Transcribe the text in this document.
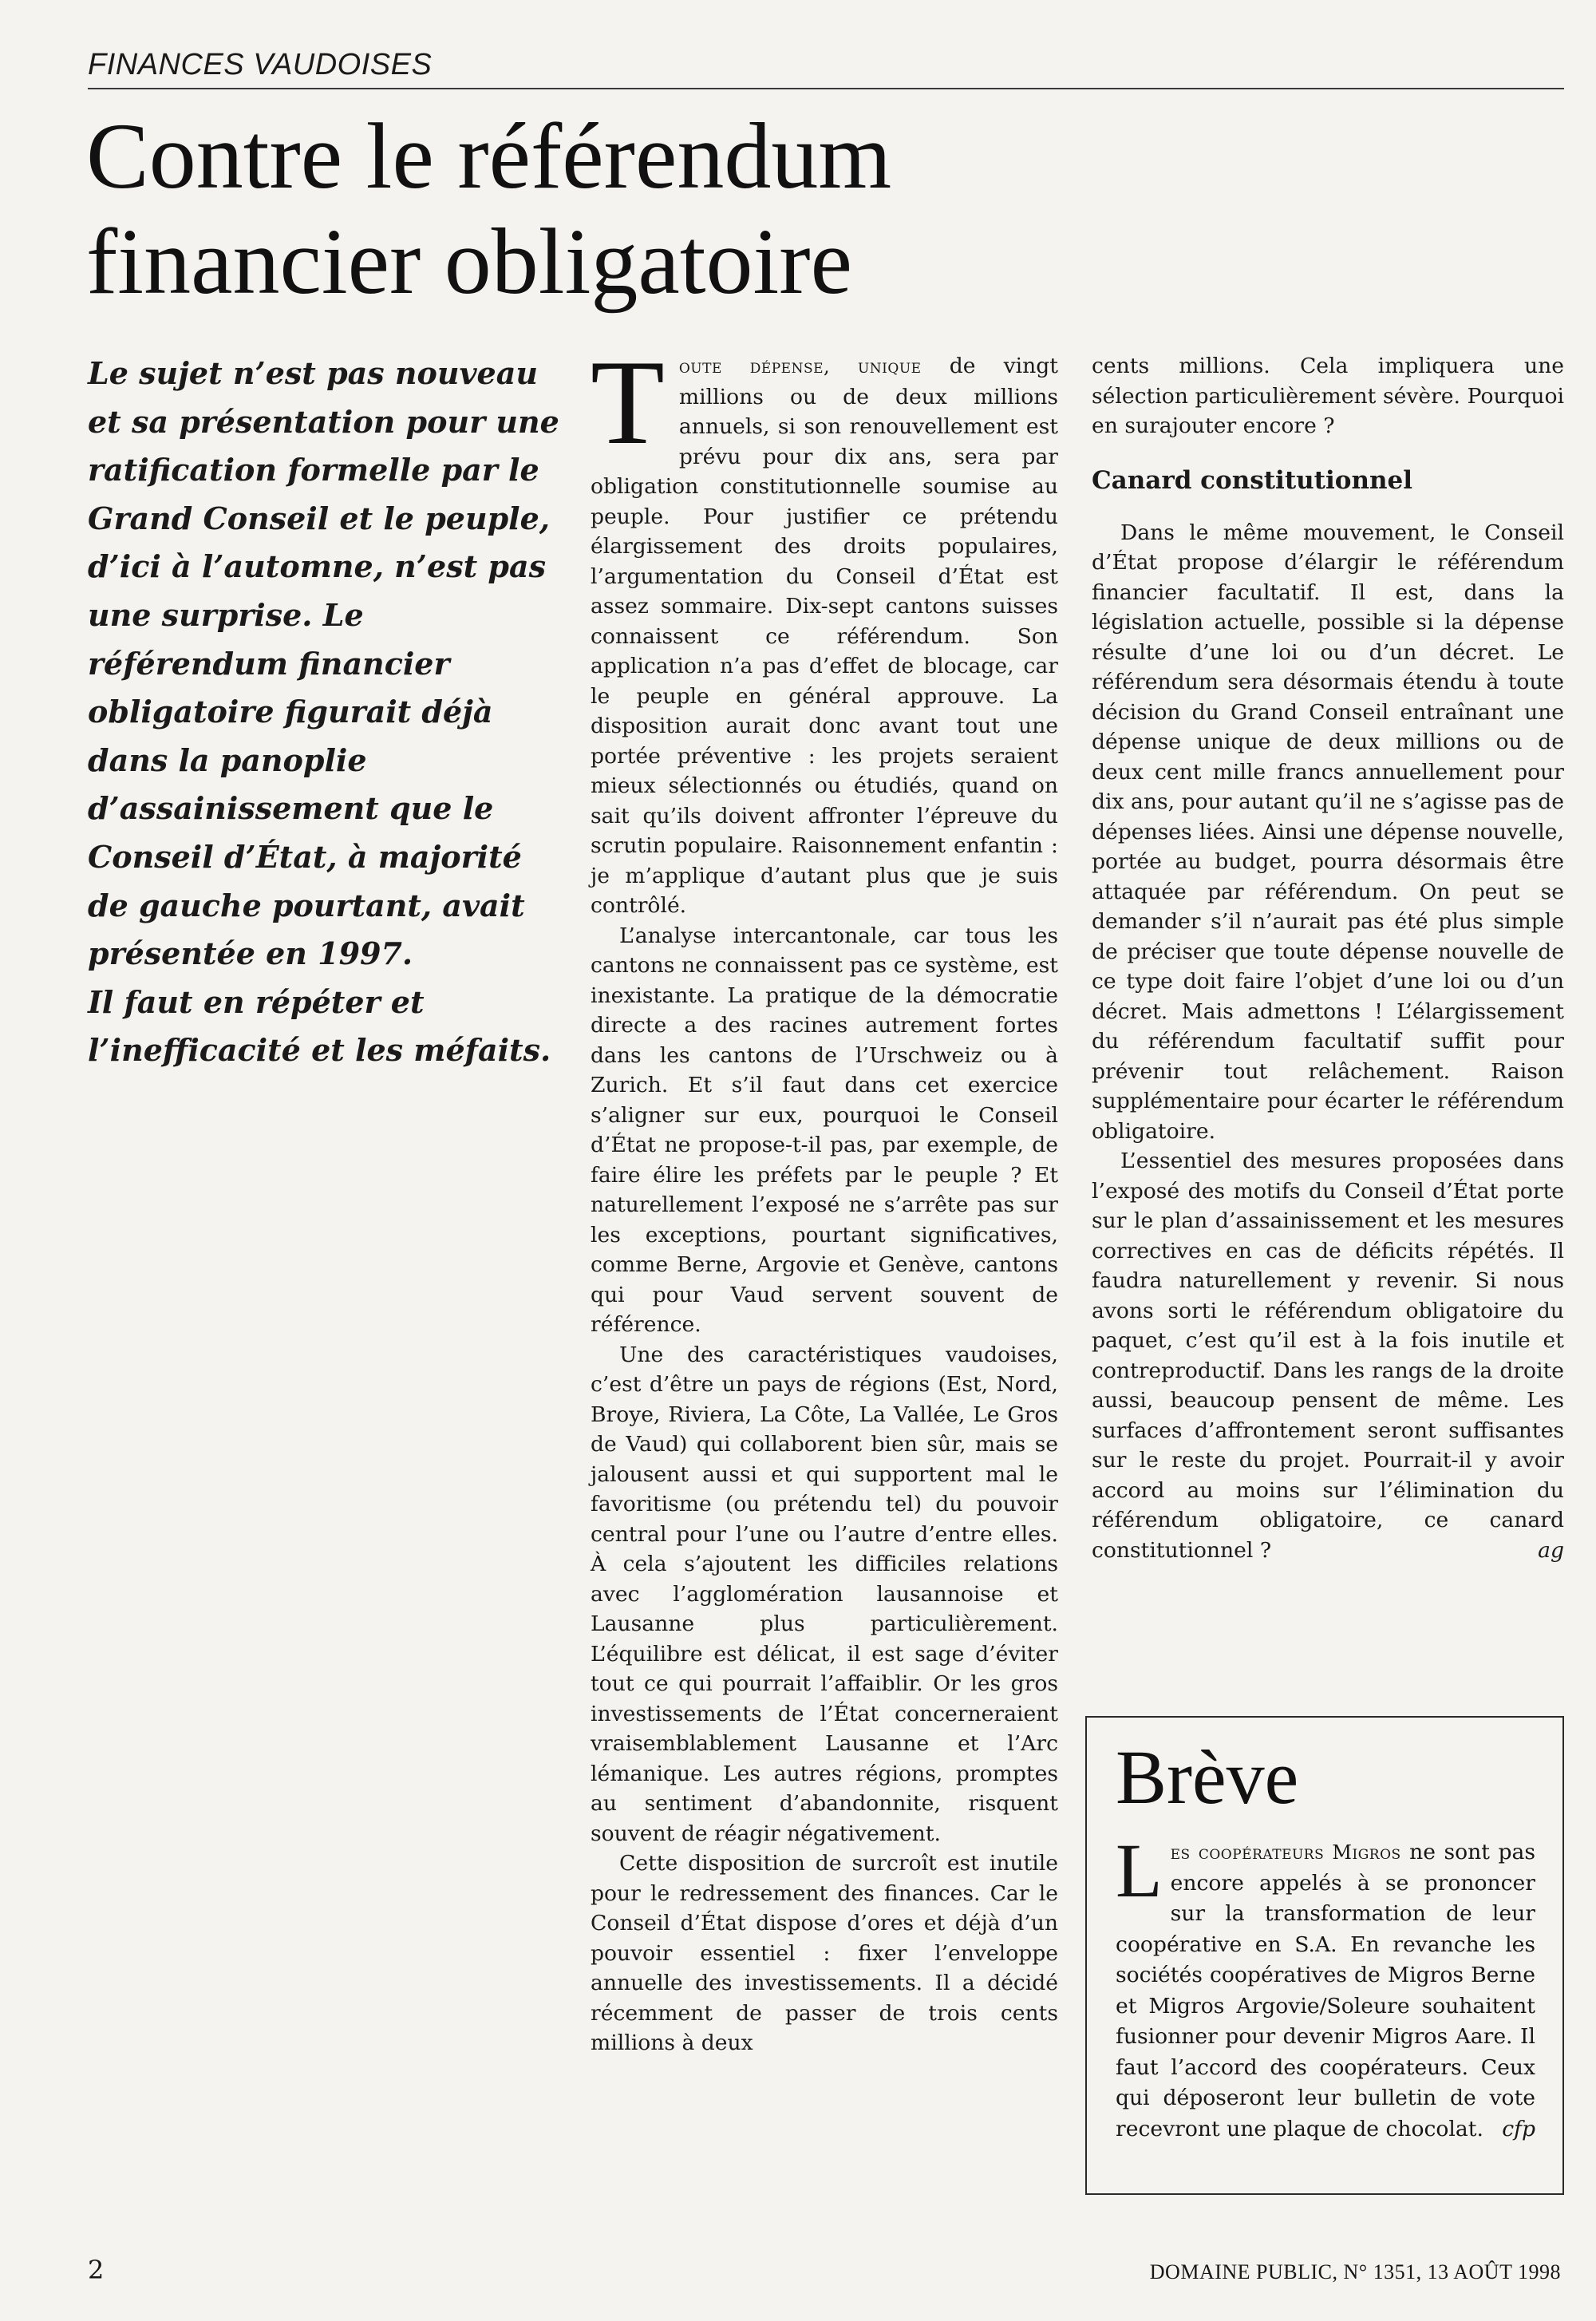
FINANCES VAUDOISES
Contre le référendum
financier obligatoire

Le sujet n’est pas nouveau et sa présentation pour une ratification formelle par le Grand Conseil et le peuple, d’ici à l’automne, n’est pas une surprise. Le référendum financier obligatoire figurait déjà dans la panoplie d’assainissement que le Conseil d’État, à majorité de gauche pourtant, avait présentée en 1997.

Il faut en répéter et l’inefficacité et les méfaits.

Toute dépense, unique de vingt millions ou de deux millions annuels, si son renouvellement est prévu pour dix ans, sera par obligation constitutionnelle soumise au peuple. Pour justifier ce prétendu élargissement des droits populaires, l’argumentation du Conseil d’État est assez sommaire. Dix-sept cantons suisses connaissent ce référendum. Son application n’a pas d’effet de blocage, car le peuple en général approuve. La disposition aurait donc avant tout une portée préventive : les projets seraient mieux sélectionnés ou étudiés, quand on sait qu’ils doivent affronter l’épreuve du scrutin populaire. Raisonnement enfantin : je m’applique d’autant plus que je suis contrôlé.

L’analyse intercantonale, car tous les cantons ne connaissent pas ce système, est inexistante. La pratique de la démocratie directe a des racines autrement fortes dans les cantons de l’Urschweiz ou à Zurich. Et s’il faut dans cet exercice s’aligner sur eux, pourquoi le Conseil d’État ne propose-t-il pas, par exemple, de faire élire les préfets par le peuple ? Et naturellement l’exposé ne s’arrête pas sur les exceptions, pourtant significatives, comme Berne, Argovie et Genève, cantons qui pour Vaud servent souvent de référence.

Une des caractéristiques vaudoises, c’est d’être un pays de régions (Est, Nord, Broye, Riviera, La Côte, La Vallée, Le Gros de Vaud) qui collaborent bien sûr, mais se jalousent aussi et qui supportent mal le favoritisme (ou prétendu tel) du pouvoir central pour l’une ou l’autre d’entre elles. À cela s’ajoutent les difficiles relations avec l’agglomération lausannoise et Lausanne plus particulièrement. L’équilibre est délicat, il est sage d’éviter tout ce qui pourrait l’affaiblir. Or les gros investissements de l’État concerneraient vraisemblablement Lausanne et l’Arc lémanique. Les autres régions, promptes au sentiment d’abandonnite, risquent souvent de réagir négativement.

Cette disposition de surcroît est inutile pour le redressement des finances. Car le Conseil d’État dispose d’ores et déjà d’un pouvoir essentiel : fixer l’enveloppe annuelle des investissements. Il a décidé récemment de passer de trois cents millions à deux

cents millions. Cela impliquera une sélection particulièrement sévère. Pourquoi en surajouter encore ?

Canard constitutionnel

Dans le même mouvement, le Conseil d’État propose d’élargir le référendum financier facultatif. Il est, dans la législation actuelle, possible si la dépense résulte d’une loi ou d’un décret. Le référendum sera désormais étendu à toute décision du Grand Conseil entraînant une dépense unique de deux millions ou de deux cent mille francs annuellement pour dix ans, pour autant qu’il ne s’agisse pas de dépenses liées. Ainsi une dépense nouvelle, portée au budget, pourra désormais être attaquée par référendum. On peut se demander s’il n’aurait pas été plus simple de préciser que toute dépense nouvelle de ce type doit faire l’objet d’une loi ou d’un décret. Mais admettons ! L’élargissement du référendum facultatif suffit pour prévenir tout relâchement. Raison supplémentaire pour écarter le référendum obligatoire.

L’essentiel des mesures proposées dans l’exposé des motifs du Conseil d’État porte sur le plan d’assainissement et les mesures correctives en cas de déficits répétés. Il faudra naturellement y revenir. Si nous avons sorti le référendum obligatoire du paquet, c’est qu’il est à la fois inutile et contreproductif. Dans les rangs de la droite aussi, beaucoup pensent de même. Les surfaces d’affrontement seront suffisantes sur le reste du projet. Pourrait-il y avoir accord au moins sur l’élimination du référendum obligatoire, ce canard constitutionnel ?	ag

Brève

Les coopérateurs Migros ne sont pas encore appelés à se prononcer sur la transformation de leur coopérative en S.A. En revanche les sociétés coopératives de Migros Berne et Migros Argovie/Soleure souhaitent fusionner pour devenir Migros Aare. Il faut l’accord des coopérateurs. Ceux qui déposeront leur bulletin de vote recevront une plaque de chocolat. cfp

2	DOMAINE PUBLIC, N° 1351, 13 AOÛT 1998
